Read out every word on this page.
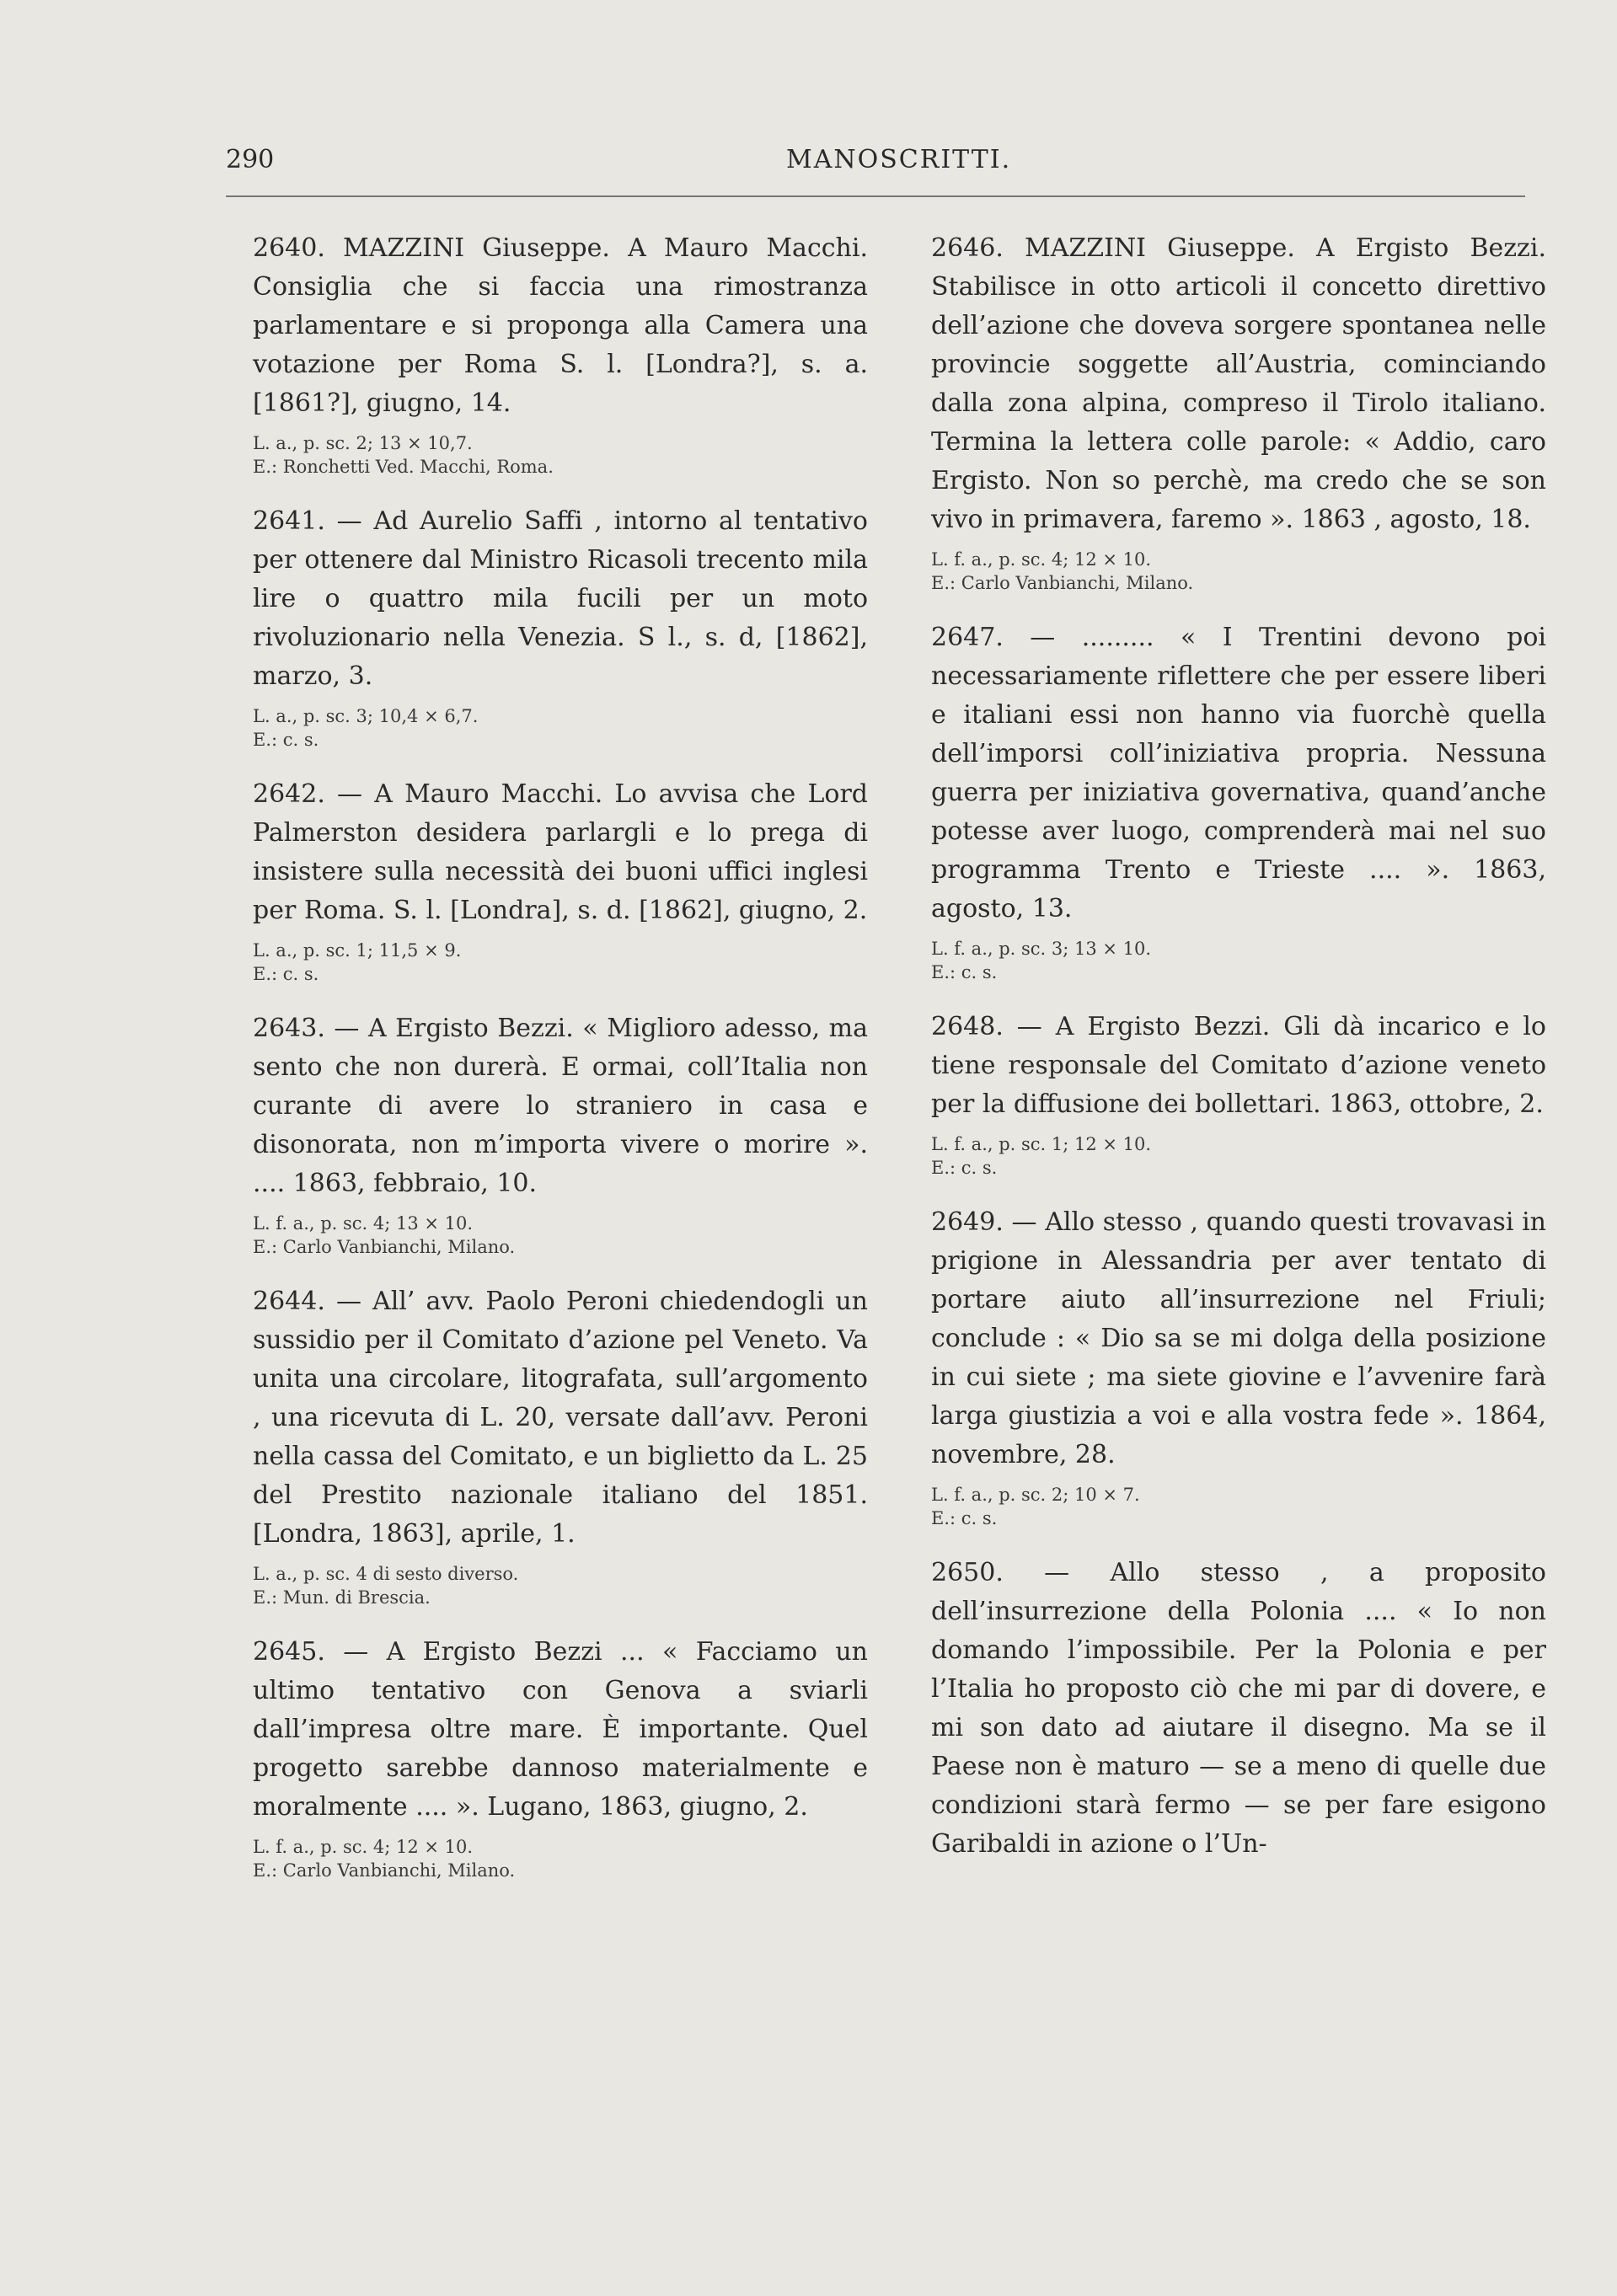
290	MANOSCRITTI.

2640. MAZZINI Giuseppe. A Mauro Macchi. Consiglia che si faccia una rimostranza parlamentare e si proponga alla Camera una votazione per Roma S. l. [Londra?], s. a. [1861?], giugno, 14.

L. a., p. sc. 2; 13 × 10,7.
E.: Ronchetti Ved. Macchi, Roma.

2641. — Ad Aurelio Saffi , intorno al tentativo per ottenere dal Ministro Ricasoli trecento mila lire o quattro mila fucili per un moto rivoluzionario nella Venezia. S l., s. d, [1862], marzo, 3.

L. a., p. sc. 3; 10,4 × 6,7.
E.: c. s.

2642. — A Mauro Macchi. Lo avvisa che Lord Palmerston desidera parlargli e lo prega di insistere sulla necessità dei buoni uffici inglesi per Roma. S. l. [Londra], s. d. [1862], giugno, 2.

L. a., p. sc. 1; 11,5 × 9.
E.: c. s.

2643. — A Ergisto Bezzi. « Miglioro adesso, ma sento che non durerà. E ormai, coll’Italia non curante di avere lo straniero in casa e disonorata, non m’importa vivere o morire ». .... 1863, febbraio, 10.

L. f. a., p. sc. 4; 13 × 10.
E.: Carlo Vanbianchi, Milano.

2644. — All’ avv. Paolo Peroni chiedendogli un sussidio per il Comitato d’azione pel Veneto. Va unita una circolare, litografata, sull’argomento , una ricevuta di L. 20, versate dall’avv. Peroni nella cassa del Comitato, e un biglietto da L. 25 del Prestito nazionale italiano del 1851. [Londra, 1863], aprile, 1.

L. a., p. sc. 4 di sesto diverso.
E.: Mun. di Brescia.

2645. — A Ergisto Bezzi ... « Facciamo un ultimo tentativo con Genova a sviarli dall’impresa oltre mare. È importante. Quel progetto sarebbe dannoso materialmente e moralmente .... ». Lugano, 1863, giugno, 2.

L. f. a., p. sc. 4; 12 × 10.
E.: Carlo Vanbianchi, Milano.

2646. MAZZINI Giuseppe. A Ergisto Bezzi. Stabilisce in otto articoli il concetto direttivo dell’azione che doveva sorgere spontanea nelle provincie soggette all’Austria, cominciando dalla zona alpina, compreso il Tirolo italiano. Termina la lettera colle parole: « Addio, caro Ergisto. Non so perchè, ma credo che se son vivo in primavera, faremo ». 1863 , agosto, 18.

L. f. a., p. sc. 4; 12 × 10.
E.: Carlo Vanbianchi, Milano.

2647. — ......... « I Trentini devono poi necessariamente riflettere che per essere liberi e italiani essi non hanno via fuorchè quella dell’imporsi coll’iniziativa propria. Nessuna guerra per iniziativa governativa, quand’anche potesse aver luogo, comprenderà mai nel suo programma Trento e Trieste .... ». 1863, agosto, 13.

L. f. a., p. sc. 3; 13 × 10.
E.: c. s.

2648. — A Ergisto Bezzi. Gli dà incarico e lo tiene responsale del Comitato d’azione veneto per la diffusione dei bollettari. 1863, ottobre, 2.

L. f. a., p. sc. 1; 12 × 10.
E.: c. s.

2649. — Allo stesso , quando questi trovavasi in prigione in Alessandria per aver tentato di portare aiuto all’insurrezione nel Friuli; conclude : « Dio sa se mi dolga della posizione in cui siete ; ma siete giovine e l’avvenire farà larga giustizia a voi e alla vostra fede ». 1864, novembre, 28.

L. f. a., p. sc. 2; 10 × 7.
E.: c. s.

2650. — Allo stesso , a proposito dell’insurrezione della Polonia .... « Io non domando l’impossibile. Per la Polonia e per l’Italia ho proposto ciò che mi par di dovere, e mi son dato ad aiutare il disegno. Ma se il Paese non è maturo — se a meno di quelle due condizioni starà fermo — se per fare esigono Garibaldi in azione o l’Un-
